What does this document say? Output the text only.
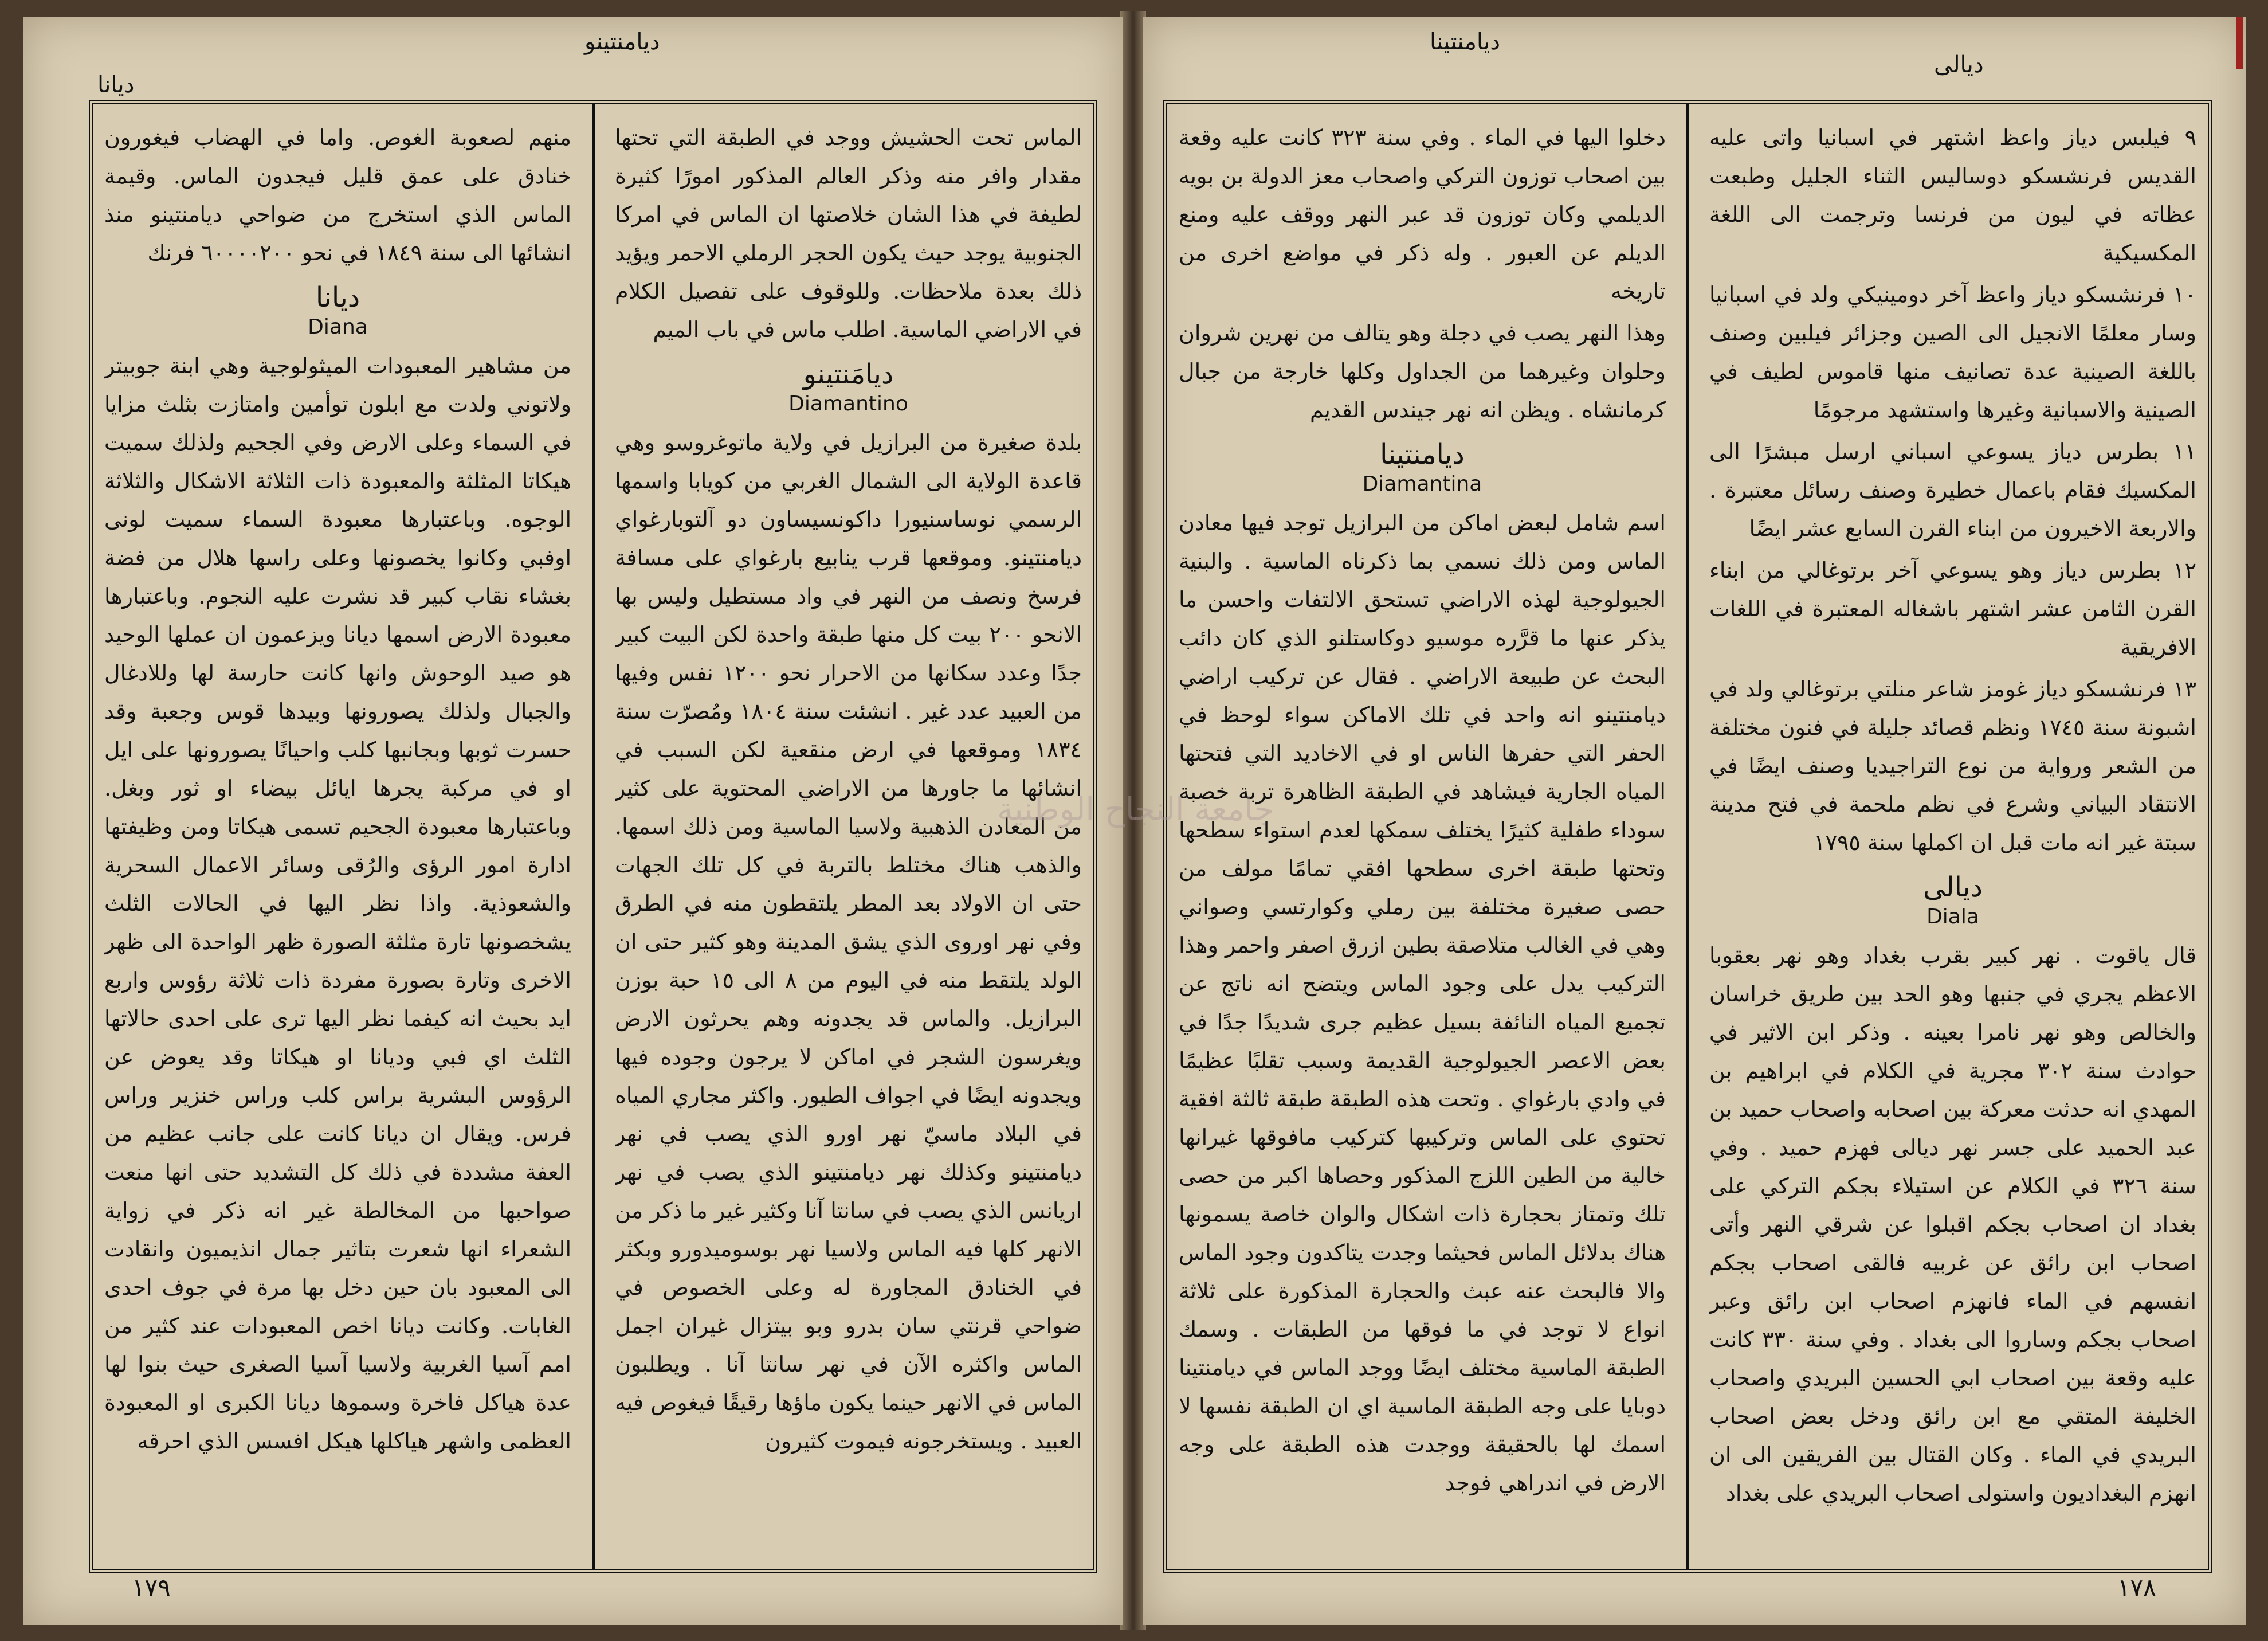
ديامنتينو
ديانا

الماس تحت الحشيش ووجد في الطبقة التي تحتها مقدار وافر منه وذكر العالم المذكور امورًا كثيرة لطيفة في هذا الشان خلاصتها ان الماس في امركا الجنوبية يوجد حيث يكون الحجر الرملي الاحمر ويؤيد ذلك بعدة ملاحظات. وللوقوف على تفصيل الكلام في الاراضي الماسية. اطلب ماس في باب الميم

ديامَنتينو

Diamantino

بلدة صغيرة من البرازيل في ولاية ماتوغروسو وهي قاعدة الولاية الى الشمال الغربي من كويابا واسمها الرسمي نوساسنيورا داكونسيساون دو آلتوبارغواي ديامنتينو. وموقعها قرب ينابيع بارغواي على مسافة فرسخ ونصف من النهر في واد مستطيل وليس بها الانحو ٢٠٠ بيت كل منها طبقة واحدة لكن البيت كبير جدًا وعدد سكانها من الاحرار نحو ١٢٠٠ نفس وفيها من العبيد عدد غير . انشئت سنة ١٨٠٤ ومُصرّت سنة ١٨٣٤ وموقعها في ارض منقعية لكن السبب في انشائها ما جاورها من الاراضي المحتوية على كثير من المعادن الذهبية ولاسيا الماسية ومن ذلك اسمها. والذهب هناك مختلط بالتربة في كل تلك الجهات حتى ان الاولاد بعد المطر يلتقطون منه في الطرق وفي نهر اوروى الذي يشق المدينة وهو كثير حتى ان الولد يلتقط منه في اليوم من ٨ الى ١٥ حبة بوزن البرازيل. والماس قد يجدونه وهم يحرثون الارض ويغرسون الشجر في اماكن لا يرجون وجوده فيها ويجدونه ايضًا في اجواف الطيور. واكثر مجاري المياه في البلاد ماسيّ نهر اورو الذي يصب في نهر ديامنتينو وكذلك نهر ديامنتينو الذي يصب في نهر اريانس الذي يصب في سانتا آنا وكثير غير ما ذكر من الانهر كلها فيه الماس ولاسيا نهر بوسوميدورو وبكثر في الخنادق المجاورة له وعلى الخصوص في ضواحي قرنتي سان بدرو وبو بيتزال غيران اجمل الماس واكثره الآن في نهر سانتا آنا . ويطلبون الماس في الانهر حينما يكون ماؤها رقيقًا فيغوص فيه العبيد . ويستخرجونه فيموت كثيرون

منهم لصعوبة الغوص. واما في الهضاب فيغورون خنادق على عمق قليل فيجدون الماس. وقيمة الماس الذي استخرج من ضواحي ديامنتينو منذ انشائها الى سنة ١٨٤٩ في نحو ٦٠٠٠٠٢٠٠ فرنك

ديانا

Diana

من مشاهير المعبودات الميثولوجية وهي ابنة جوبيتر ولاتوني ولدت مع ابلون توأمين وامتازت بثلث مزايا في السماء وعلى الارض وفي الجحيم ولذلك سميت هيكاتا المثلثة والمعبودة ذات الثلاثة الاشكال والثلاثة الوجوه. وباعتبارها معبودة السماء سميت لونى اوفبي وكانوا يخصونها وعلى راسها هلال من فضة بغشاء نقاب كبير قد نشرت عليه النجوم. وباعتبارها معبودة الارض اسمها ديانا ويزعمون ان عملها الوحيد هو صيد الوحوش وانها كانت حارسة لها وللادغال والجبال ولذلك يصورونها وبيدها قوس وجعبة وقد حسرت ثوبها وبجانبها كلب واحيانًا يصورونها على ايل او في مركبة يجرها ايائل بيضاء او ثور وبغل. وباعتبارها معبودة الجحيم تسمى هيكاتا ومن وظيفتها ادارة امور الرؤى والرُقى وسائر الاعمال السحرية والشعوذية. واذا نظر اليها في الحالات الثلث يشخصونها تارة مثلثة الصورة ظهر الواحدة الى ظهر الاخرى وتارة بصورة مفردة ذات ثلاثة رؤوس واربع ايد بحيث انه كيفما نظر اليها ترى على احدى حالاتها الثلث اي فبي وديانا او هيكاتا وقد يعوض عن الرؤوس البشرية براس كلب وراس خنزير وراس فرس. ويقال ان ديانا كانت على جانب عظيم من العفة مشددة في ذلك كل التشديد حتى انها منعت صواحبها من المخالطة غير انه ذكر في زواية الشعراء انها شعرت بتاثير جمال انذيميون وانقادت الى المعبود بان حين دخل بها مرة في جوف احدى الغابات. وكانت ديانا اخص المعبودات عند كثير من امم آسيا الغربية ولاسيا آسيا الصغرى حيث بنوا لها عدة هياكل فاخرة وسموها ديانا الكبرى او المعبودة العظمى واشهر هياكلها هيكل افسس الذي احرقه

١٧٩
ديامنتينا
ديالى

دخلوا اليها في الماء . وفي سنة ٣٢٣ كانت عليه وقعة بين اصحاب توزون التركي واصحاب معز الدولة بن بويه الديلمي وكان توزون قد عبر النهر ووقف عليه ومنع الديلم عن العبور . وله ذكر في مواضع اخرى من تاريخه

وهذا النهر يصب في دجلة وهو يتالف من نهرين شروان وحلوان وغيرهما من الجداول وكلها خارجة من جبال كرمانشاه . ويظن انه نهر جيندس القديم

ديامنتينا

Diamantina

اسم شامل لبعض اماكن من البرازيل توجد فيها معادن الماس ومن ذلك نسمي بما ذكرناه الماسية . والبنية الجيولوجية لهذه الاراضي تستحق الالتفات واحسن ما يذكر عنها ما قرَّره موسيو دوكاستلنو الذي كان دائب البحث عن طبيعة الاراضي . فقال عن تركيب اراضي ديامنتينو انه واحد في تلك الاماكن سواء لوحظ في الحفر التي حفرها الناس او في الاخاديد التي فتحتها المياه الجارية فيشاهد في الطبقة الظاهرة تربة خصبة سوداء طفلية كثيرًا يختلف سمكها لعدم استواء سطحها وتحتها طبقة اخرى سطحها افقي تمامًا مولف من حصى صغيرة مختلفة بين رملي وكوارتسي وصواني وهي في الغالب متلاصقة بطين ازرق اصفر واحمر وهذا التركيب يدل على وجود الماس ويتضح انه ناتج عن تجميع المياه النائفة بسيل عظيم جرى شديدًا جدًا في بعض الاعصر الجيولوجية القديمة وسبب تقلبًا عظيمًا في وادي بارغواي . وتحت هذه الطبقة طبقة ثالثة افقية تحتوي على الماس وتركيبها كتركيب مافوقها غيرانها خالية من الطين اللزج المذكور وحصاها اكبر من حصى تلك وتمتاز بحجارة ذات اشكال والوان خاصة يسمونها هناك بدلائل الماس فحيثما وجدت يتاكدون وجود الماس والا فالبحث عنه عبث والحجارة المذكورة على ثلاثة انواع لا توجد في ما فوقها من الطبقات . وسمك الطبقة الماسية مختلف ايضًا ووجد الماس في ديامنتينا دوبايا على وجه الطبقة الماسية اي ان الطبقة نفسها لا اسمك لها بالحقيقة ووجدت هذه الطبقة على وجه الارض في اندراهي فوجد

٩ فيلبس دياز واعظ اشتهر في اسبانيا واتى عليه القديس فرنشسكو دوساليس الثناء الجليل وطبعت عظاته في ليون من فرنسا وترجمت الى اللغة المكسيكية

١٠ فرنشسكو دياز واعظ آخر دومينيكي ولد في اسبانيا وسار معلمًا الانجيل الى الصين وجزائر فيلبين وصنف باللغة الصينية عدة تصانيف منها قاموس لطيف في الصينية والاسبانية وغيرها واستشهد مرجومًا

١١ بطرس دياز يسوعي اسباني ارسل مبشرًا الى المكسيك فقام باعمال خطيرة وصنف رسائل معتبرة . والاربعة الاخيرون من ابناء القرن السابع عشر ايضًا

١٢ بطرس دياز وهو يسوعي آخر برتوغالي من ابناء القرن الثامن عشر اشتهر باشغاله المعتبرة في اللغات الافريقية

١٣ فرنشسكو دياز غومز شاعر منلتي برتوغالي ولد في اشبونة سنة ١٧٤٥ ونظم قصائد جليلة في فنون مختلفة من الشعر ورواية من نوع التراجيديا وصنف ايضًا في الانتقاد البياني وشرع في نظم ملحمة في فتح مدينة سبتة غير انه مات قبل ان اكملها سنة ١٧٩٥

ديالى

Diala

قال ياقوت . نهر كبير بقرب بغداد وهو نهر بعقوبا الاعظم يجري في جنبها وهو الحد بين طريق خراسان والخالص وهو نهر نامرا بعينه . وذكر ابن الاثير في حوادث سنة ٣٠٢ مجرية في الكلام في ابراهيم بن المهدي انه حدثت معركة بين اصحابه واصحاب حميد بن عبد الحميد على جسر نهر ديالى فهزم حميد . وفي سنة ٣٢٦ في الكلام عن استيلاء بجكم التركي على بغداد ان اصحاب بجكم اقبلوا عن شرقي النهر وأتى اصحاب ابن رائق عن غربيه فالقى اصحاب بجكم انفسهم في الماء فانهزم اصحاب ابن رائق وعبر اصحاب بجكم وساروا الى بغداد . وفي سنة ٣٣٠ كانت عليه وقعة بين اصحاب ابي الحسين البريدي واصحاب الخليفة المتقي مع ابن رائق ودخل بعض اصحاب البريدي في الماء . وكان القتال بين الفريقين الى ان انهزم البغداديون واستولى اصحاب البريدي على بغداد

١٧٨
جامعة النجاح الوطنية
